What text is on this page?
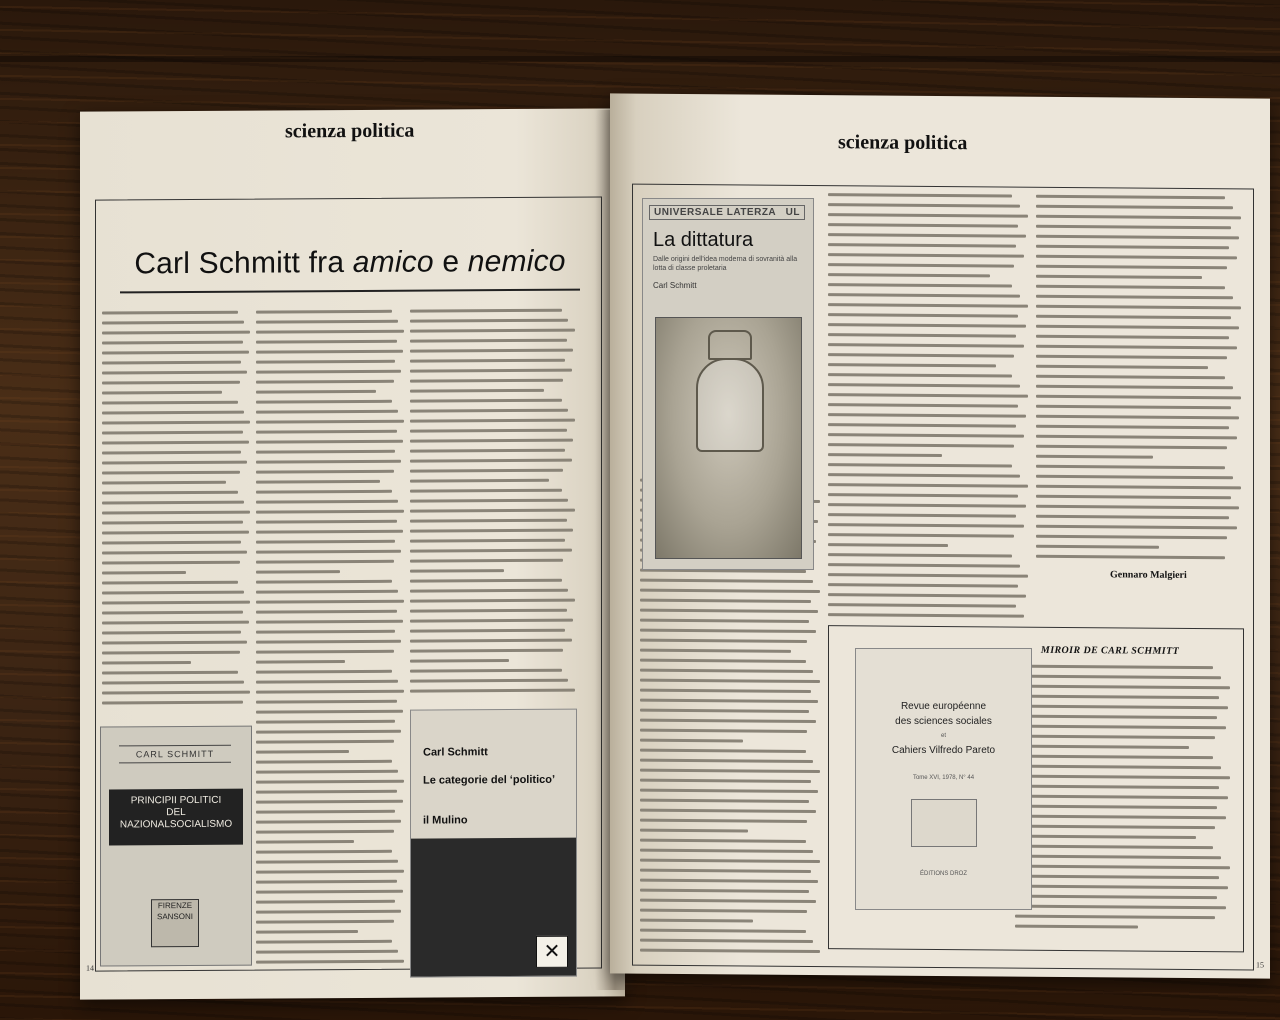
scienza politica
Carl Schmitt fra amico e nemico
CARL SCHMITT
PRINCIPII POLITICI
DEL
NAZIONALSOCIALISMO
FIRENZE
SANSONI
Carl Schmitt
Le categorie del ‘politico’
il Mulino
✕
14
scienza politica
Gennaro Malgieri
MIROIR DE CARL SCHMITT
15
UNIVERSALE LATERZA UL
La dittatura
Dalle origini dell'idea moderna di sovranità alla lotta di classe proletaria
Carl Schmitt
Revue européenne
des sciences sociales
et
Cahiers Vilfredo Pareto
Tome XVI, 1978, N° 44
ÉDITIONS DROZ
